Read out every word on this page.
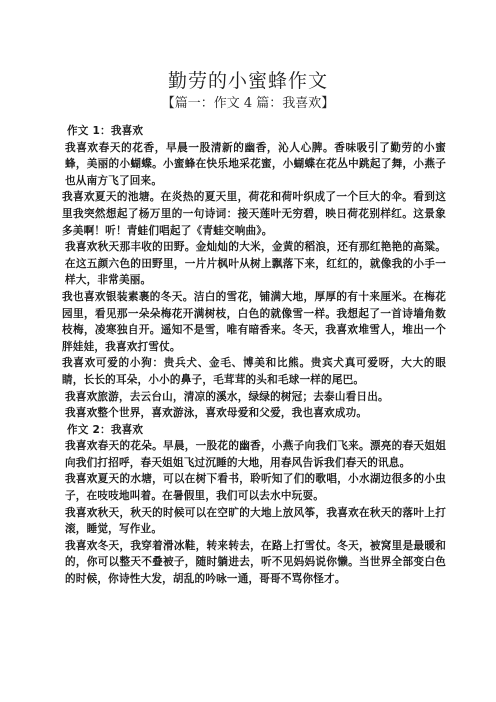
勤劳的小蜜蜂作文
【篇一：作文 4 篇：我喜欢】

作文 1：我喜欢

我喜欢春天的花香，早晨一股清新的幽香，沁人心脾。香味吸引了勤劳的小蜜蜂，美丽的小蝴蝶。小蜜蜂在快乐地采花蜜，小蝴蝶在花丛中跳起了舞，小燕子也从南方飞了回来。

我喜欢夏天的池塘。在炎热的夏天里，荷花和荷叶织成了一个巨大的伞。看到这里我突然想起了杨万里的一句诗词：接天莲叶无穷碧，映日荷花别样红。这景象多美啊！听！青蛙们唱起了《青蛙交响曲》。

我喜欢秋天那丰收的田野。金灿灿的大米，金黄的稻浪，还有那红艳艳的高粱。在这五颜六色的田野里，一片片枫叶从树上飘落下来，红红的，就像我的小手一样大，非常美丽。

我也喜欢银装素裹的冬天。洁白的雪花，铺满大地，厚厚的有十来厘米。在梅花园里，看见那一朵朵梅花开满树枝，白色的就像雪一样。我想起了一首诗墙角数枝梅，凌寒独自开。遥知不是雪，唯有暗香来。冬天，我喜欢堆雪人，堆出一个胖娃娃，我喜欢打雪仗。

我喜欢可爱的小狗：贵兵犬、金毛、博美和比熊。贵宾犬真可爱呀，大大的眼睛，长长的耳朵，小小的鼻子，毛茸茸的头和毛球一样的尾巴。

我喜欢旅游，去云台山，清凉的溪水，绿绿的树冠；去泰山看日出。

我喜欢整个世界，喜欢游泳，喜欢母爱和父爱，我也喜欢成功。

作文 2：我喜欢

我喜欢春天的花朵。早晨，一股花的幽香，小燕子向我们飞来。漂亮的春天姐姐向我们打招呼，春天姐姐飞过沉睡的大地，用春风告诉我们春天的讯息。

我喜欢夏天的水塘，可以在树下看书，聆听知了们的歌唱，小水湖边很多的小虫子，在吱吱地叫着。在暑假里，我们可以去水中玩耍。

我喜欢秋天，秋天的时候可以在空旷的大地上放风筝，我喜欢在秋天的落叶上打滚，睡觉，写作业。

我喜欢冬天，我穿着滑冰鞋，转来转去，在路上打雪仗。冬天，被窝里是最暖和的，你可以整天不叠被子，随时躺进去，听不见妈妈说你懒。当世界全部变白色的时候，你诗性大发，胡乱的吟咏一通，哥哥不骂你怪才。
